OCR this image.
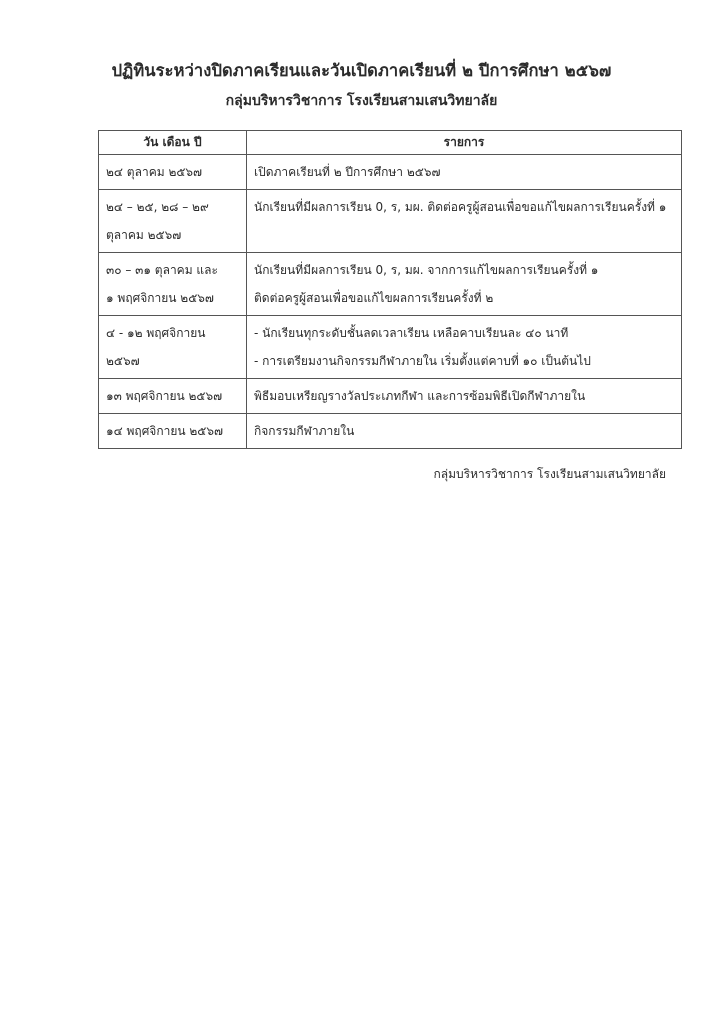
ปฏิทินระหว่างปิดภาคเรียนและวันเปิดภาคเรียนที่ ๒ ปีการศึกษา ๒๕๖๗
กลุ่มบริหารวิชาการ โรงเรียนสามเสนวิทยาลัย
วัน เดือน ปี	รายการ

๒๔ ตุลาคม ๒๕๖๗	เปิดภาคเรียนที่ ๒ ปีการศึกษา ๒๕๖๗

๒๔ – ๒๕, ๒๘ – ๒๙
ตุลาคม ๒๕๖๗	นักเรียนที่มีผลการเรียน 0, ร, มผ. ติดต่อครูผู้สอนเพื่อขอแก้ไขผลการเรียนครั้งที่ ๑

๓๐ – ๓๑ ตุลาคม และ
๑ พฤศจิกายน ๒๕๖๗	นักเรียนที่มีผลการเรียน 0, ร, มผ. จากการแก้ไขผลการเรียนครั้งที่ ๑
ติดต่อครูผู้สอนเพื่อขอแก้ไขผลการเรียนครั้งที่ ๒

๔ - ๑๒ พฤศจิกายน
๒๕๖๗	- นักเรียนทุกระดับชั้นลดเวลาเรียน เหลือคาบเรียนละ ๔๐ นาที
- การเตรียมงานกิจกรรมกีฬาภายใน เริ่มตั้งแต่คาบที่ ๑๐ เป็นต้นไป

๑๓ พฤศจิกายน ๒๕๖๗	พิธีมอบเหรียญรางวัลประเภทกีฬา และการซ้อมพิธีเปิดกีฬาภายใน

๑๔ พฤศจิกายน ๒๕๖๗	กิจกรรมกีฬาภายใน
กลุ่มบริหารวิชาการ โรงเรียนสามเสนวิทยาลัย
